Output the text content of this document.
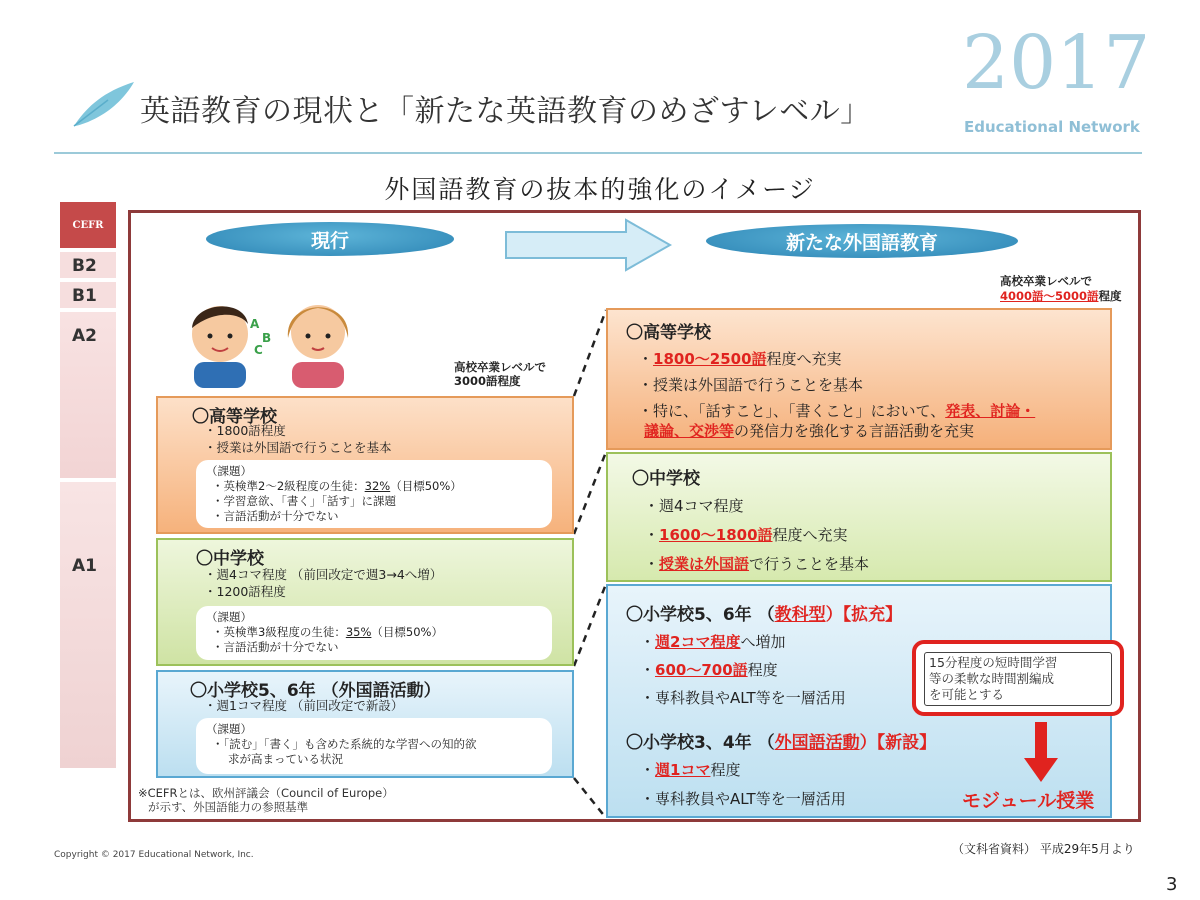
英語教育の現状と「新たな英語教育のめざすレベル」
2017
Educational Network
外国語教育の抜本的強化のイメージ
CEFR
B2
B1
A2
A1
現行	新たな外国語教育
A
B
C
高校卒業レベルで
3000語程度
高校卒業レベルで
4000語～5000語程度
〇高等学校
・1800語程度
・授業は外国語で行うことを基本
（課題）
・英検準2～2級程度の生徒：32%（目標50%）
・学習意欲、「書く」「話す」に課題
・言語活動が十分でない
〇中学校
・週4コマ程度 （前回改定で週3→4へ増）
・1200語程度
（課題）
・英検準3級程度の生徒：35%（目標50%）
・言語活動が十分でない
〇小学校5、6年 （外国語活動）
・週1コマ程度 （前回改定で新設）
（課題）
・「読む」「書く」も含めた系統的な学習への知的欲
求が高まっている状況
〇高等学校
・1800～2500語程度へ充実
・授業は外国語で行うことを基本
・特に、「話すこと」、「書くこと」において、発表、討論・
議論、交渉等の発信力を強化する言語活動を充実
〇中学校
・週4コマ程度
・1600～1800語程度へ充実
・授業は外国語で行うことを基本
〇小学校5、6年 （教科型）【拡充】
・週2コマ程度へ増加
・600～700語程度
・専科教員やALT等を一層活用
〇小学校3、4年 （外国語活動）【新設】
・週1コマ程度
・専科教員やALT等を一層活用
15分程度の短時間学習
等の柔軟な時間割編成
を可能とする
モジュール授業
※CEFRとは、欧州評議会（Council of Europe）
が示す、外国語能力の参照基準
Copyright © 2017 Educational Network, Inc.	（文科省資料） 平成29年5月より
3
